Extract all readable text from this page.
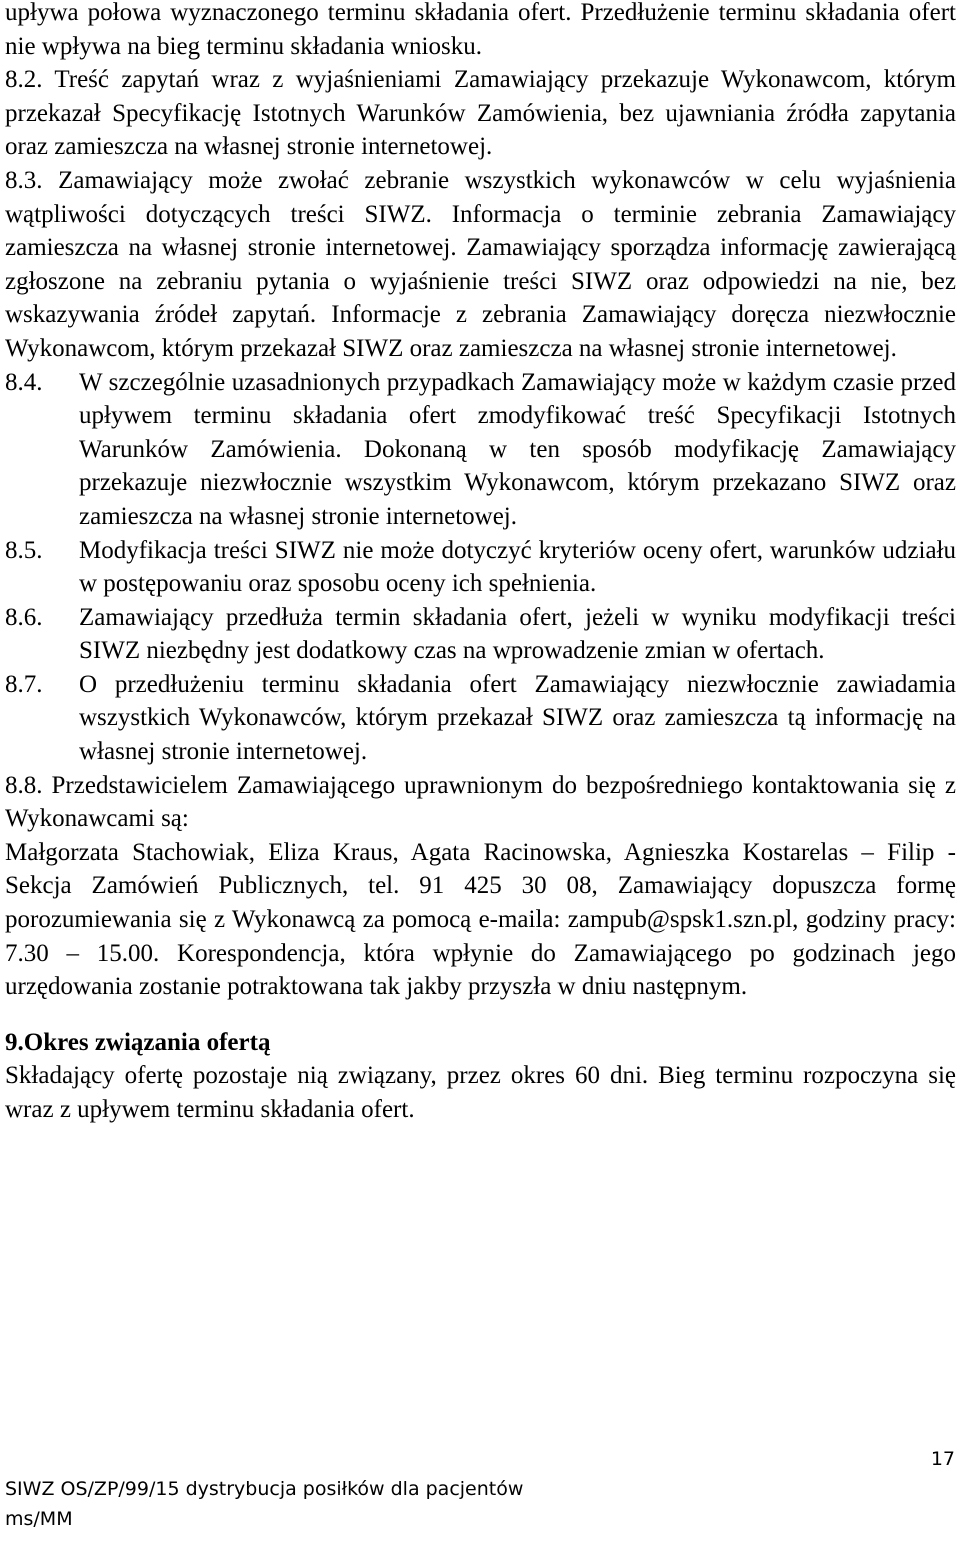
upływa połowa wyznaczonego terminu składania ofert. Przedłużenie terminu składania ofert nie wpływa na bieg terminu składania wniosku.

8.2. Treść zapytań wraz z wyjaśnieniami Zamawiający przekazuje Wykonawcom, którym przekazał Specyfikację Istotnych Warunków Zamówienia, bez ujawniania źródła zapytania oraz zamieszcza na własnej stronie internetowej.

8.3. Zamawiający może zwołać zebranie wszystkich wykonawców w celu wyjaśnienia wątpliwości dotyczących treści SIWZ. Informacja o terminie zebrania Zamawiający zamieszcza na własnej stronie internetowej. Zamawiający sporządza informację zawierającą zgłoszone na zebraniu pytania o wyjaśnienie treści SIWZ oraz odpowiedzi na nie, bez wskazywania źródeł zapytań. Informacje z zebrania Zamawiający doręcza niezwłocznie Wykonawcom, którym przekazał SIWZ oraz zamieszcza na własnej stronie internetowej.

8.4.	W szczególnie uzasadnionych przypadkach Zamawiający może w każdym czasie przed upływem terminu składania ofert zmodyfikować treść Specyfikacji Istotnych Warunków Zamówienia. Dokonaną w ten sposób modyfikację Zamawiający przekazuje niezwłocznie wszystkim Wykonawcom, którym przekazano SIWZ oraz zamieszcza na własnej stronie internetowej.

8.5.	Modyfikacja treści SIWZ nie może dotyczyć kryteriów oceny ofert, warunków udziału w postępowaniu oraz sposobu oceny ich spełnienia.

8.6.	Zamawiający przedłuża termin składania ofert, jeżeli w wyniku modyfikacji treści SIWZ niezbędny jest dodatkowy czas na wprowadzenie zmian w ofertach.

8.7.	O przedłużeniu terminu składania ofert Zamawiający niezwłocznie zawiadamia wszystkich Wykonawców, którym przekazał SIWZ oraz zamieszcza tą informację na własnej stronie internetowej.

8.8. Przedstawicielem Zamawiającego uprawnionym do bezpośredniego kontaktowania się z Wykonawcami są:

Małgorzata Stachowiak, Eliza Kraus, Agata Racinowska, Agnieszka Kostarelas – Filip - Sekcja Zamówień Publicznych, tel. 91 425 30 08, Zamawiający dopuszcza formę porozumiewania się z Wykonawcą za pomocą e-maila: zampub@spsk1.szn.pl, godziny pracy: 7.30 – 15.00. Korespondencja, która wpłynie do Zamawiającego po godzinach jego urzędowania zostanie potraktowana tak jakby przyszła w dniu następnym.

9.Okres związania ofertą

Składający ofertę pozostaje nią związany, przez okres 60 dni. Bieg terminu rozpoczyna się wraz z upływem terminu składania ofert.

17
SIWZ OS/ZP/99/15 dystrybucja posiłków dla pacjentów
ms/MM
